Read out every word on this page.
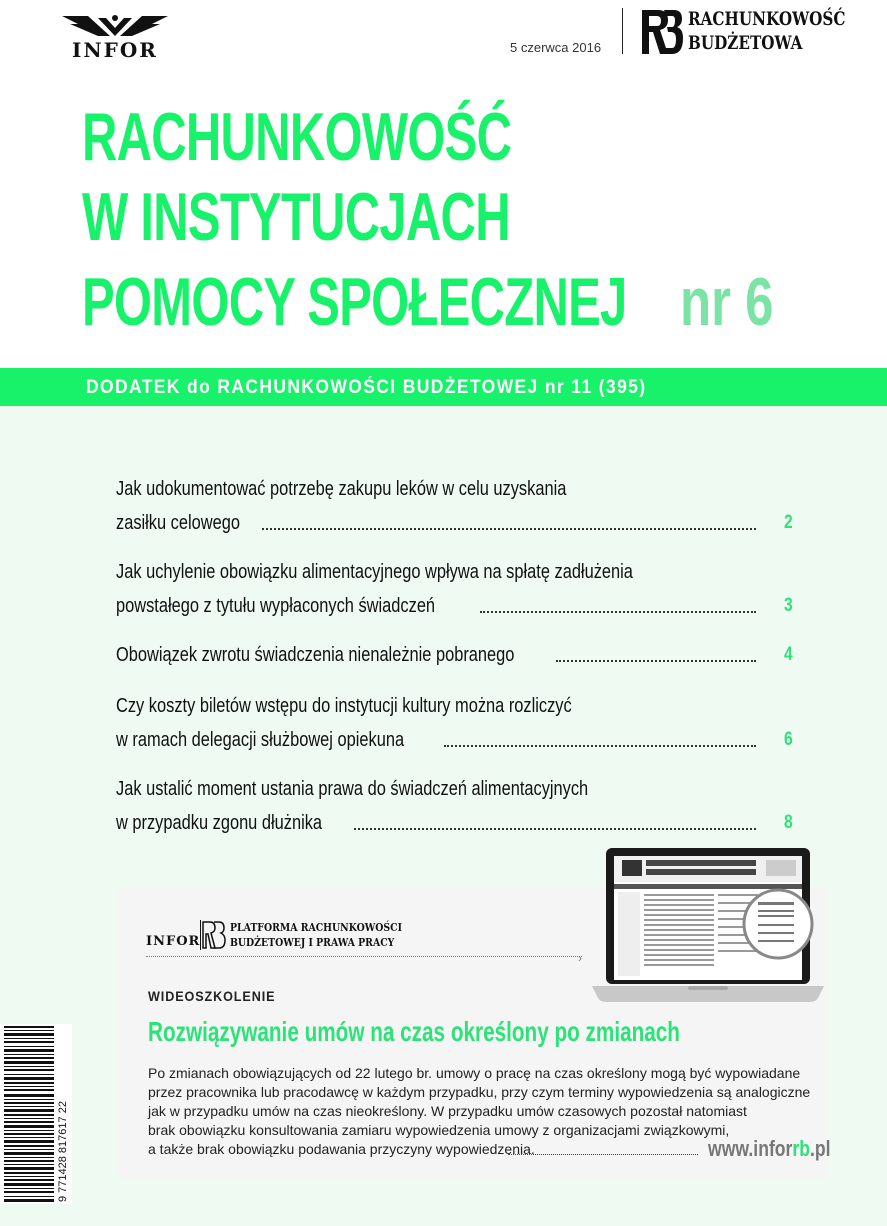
INFOR	5 czerwca 2016
RACHUNKOWOŚĆ
BUDŻETOWA
RACHUNKOWOŚĆ
W INSTYTUCJACH
POMOCY SPOŁECZNEJ nr 6
DODATEK do RACHUNKOWOŚCI BUDŻETOWEJ nr 11 (395)
Jak udokumentować potrzebę zakupu leków w celu uzyskania
zasiłku celowego	2
Jak uchylenie obowiązku alimentacyjnego wpływa na spłatę zadłużenia
powstałego z tytułu wypłaconych świadczeń	3
Obowiązek zwrotu świadczenia nienależnie pobranego	4
Czy koszty biletów wstępu do instytucji kultury można rozliczyć
w ramach delegacji służbowej opiekuna	6
Jak ustalić moment ustania prawa do świadczeń alimentacyjnych
w przypadku zgonu dłużnika	8
INFOR
PLATFORMA RACHUNKOWOŚCI
BUDŻETOWEJ I PRAWA PRACY
›
WIDEOSZKOLENIE
Rozwiązywanie umów na czas określony po zmianach
Po zmianach obowiązujących od 22 lutego br. umowy o pracę na czas określony mogą być wypowiadane
przez pracownika lub pracodawcę w każdym przypadku, przy czym terminy wypowiedzenia są analogiczne
jak w przypadku umów na czas nieokreślony. W przypadku umów czasowych pozostał natomiast
brak obowiązku konsultowania zamiaru wypowiedzenia umowy z organizacjami związkowymi,
a także brak obowiązku podawania przyczyny wypowiedzenia.	www.inforrb.pl
9 771428 817617 22
